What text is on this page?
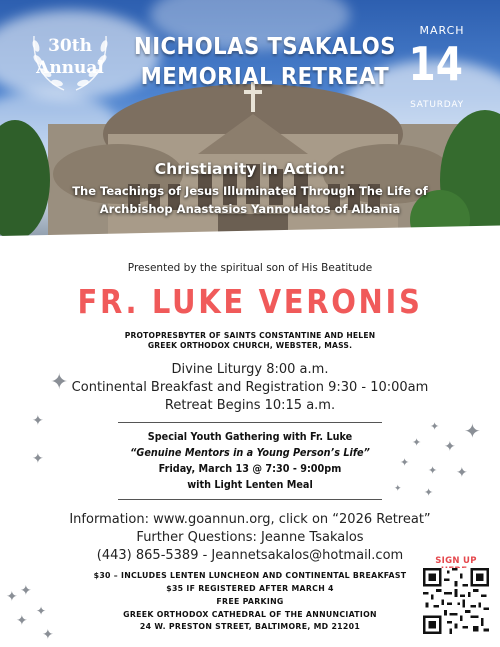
30th
Annual
NICHOLAS TSAKALOS
MEMORIAL RETREAT
MARCH
14
SATURDAY
Christianity in Action:
The Teachings of Jesus Illuminated Through The Life of
Archbishop Anastasios Yannoulatos of Albania
Presented by the spiritual son of His Beatitude
FR. LUKE VERONIS
PROTOPRESBYTER OF SAINTS CONSTANTINE AND HELEN
GREEK ORTHODOX CHURCH, WEBSTER, MASS.
Divine Liturgy 8:00 a.m.
Continental Breakfast and Registration 9:30 - 10:00am
Retreat Begins 10:15 a.m.
Special Youth Gathering with Fr. Luke
“Genuine Mentors in a Young Person’s Life”
Friday, March 13 @ 7:30 - 9:00pm
with Light Lenten Meal
Information: www.goannun.org, click on “2026 Retreat”
Further Questions: Jeanne Tsakalos
(443) 865-5389 - Jeannetsakalos@hotmail.com
$30 – INCLUDES LENTEN LUNCHEON AND CONTINENTAL BREAKFAST
$35 IF REGISTERED AFTER MARCH 4
FREE PARKING
GREEK ORTHODOX CATHEDRAL OF THE ANNUNCIATION
24 W. PRESTON STREET, BALTIMORE, MD 21201
SIGN UP
✦
✦
✦
✦
✦
✦
✦
✦
✦ ✦
✦ ✦
✦ ✦
✦
✦
✦
